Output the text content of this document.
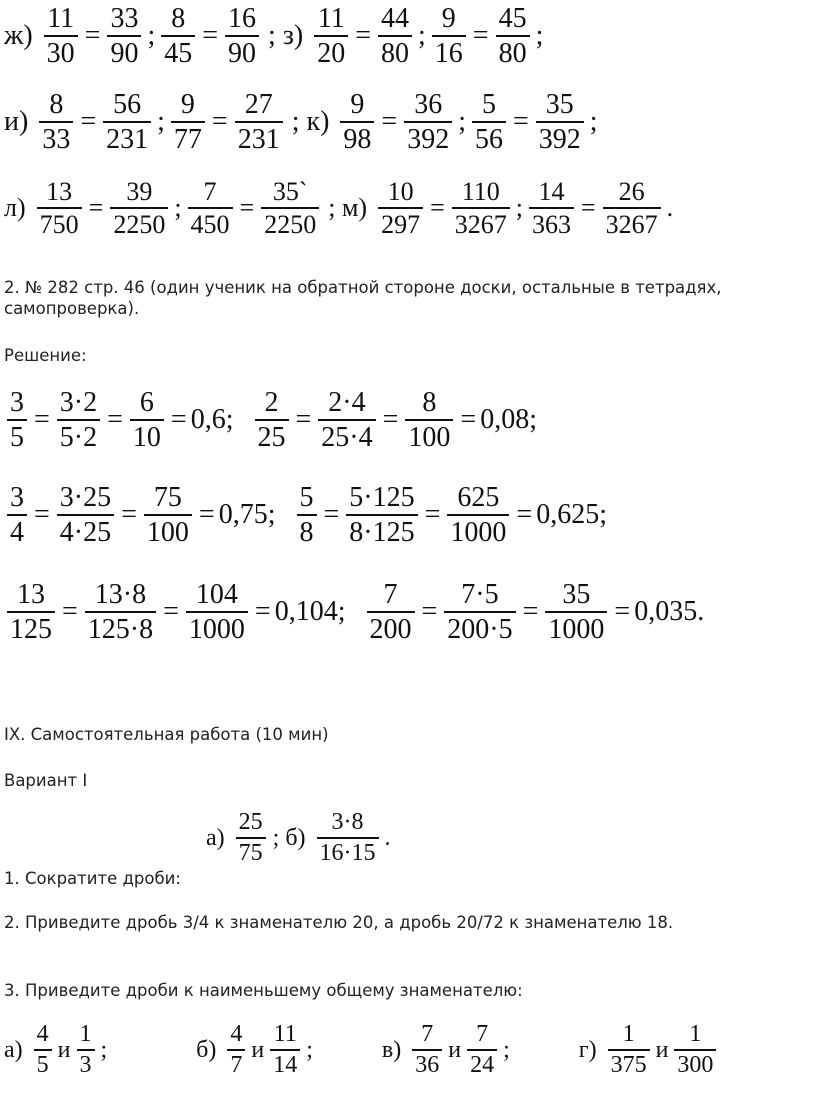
$ж) \frac{11}{30} = \frac{33}{90}$ ; $\frac{8}{45} = \frac{16}{90}$ ; $з) \frac{11}{20} = \frac{44}{80}$ ; $\frac{9}{16} = \frac{45}{80}$ ;
$и) \frac{8}{33} = \frac{56}{231}$ ; $\frac{9}{77} = \frac{27}{231}$ ; $к) \frac{9}{98} = \frac{36}{392}$ ; $\frac{5}{56} = \frac{35}{392}$ ;
$л) \frac{13}{750} = \frac{39}{2250}$ ; $\frac{7}{450} = \frac{35`}{2250}$ ; $м) \frac{10}{297} = \frac{110}{3267}$ ; $\frac{14}{363} = \frac{26}{3267}$ .
2. № 282 стр. 46 (один ученик на обратной стороне доски, остальные в тетрадях, самопроверка).
Решение:
$\frac{3}{5} = \frac{3\cdot 2}{5\cdot 2} = \frac{6}{10} = 0,6$; $\frac{2}{25} = \frac{2\cdot 4}{25\cdot 4} = \frac{8}{100} = 0,08$;
$\frac{3}{4} = \frac{3\cdot 25}{4\cdot 25} = \frac{75}{100} = 0,75$; $\frac{5}{8} = \frac{5\cdot 125}{8\cdot 125} = \frac{625}{1000} = 0,625$;
$\frac{13}{125} = \frac{13\cdot 8}{125\cdot 8} = \frac{104}{1000} = 0,104$; $\frac{7}{200} = \frac{7\cdot 5}{200\cdot 5} = \frac{35}{1000} = 0,035$.
IX. Самостоятельная работа (10 мин)
Вариант I
$а) \frac{25}{75}$ ; $б) \frac{3\cdot 8}{16\cdot 15}$ .
1. Сократите дроби:
2. Приведите дробь 3/4 к знаменателю 20, а дробь 20/72 к знаменателю 18.
3. Приведите дроби к наименьшему общему знаменателю:
$а) \frac{4}{5}$ и $\frac{1}{3}$ ;	$б) \frac{4}{7}$ и $\frac{11}{14}$ ;	$в) \frac{7}{36}$ и $\frac{7}{24}$ ;	$г) \frac{1}{375}$ и $\frac{1}{300}$
